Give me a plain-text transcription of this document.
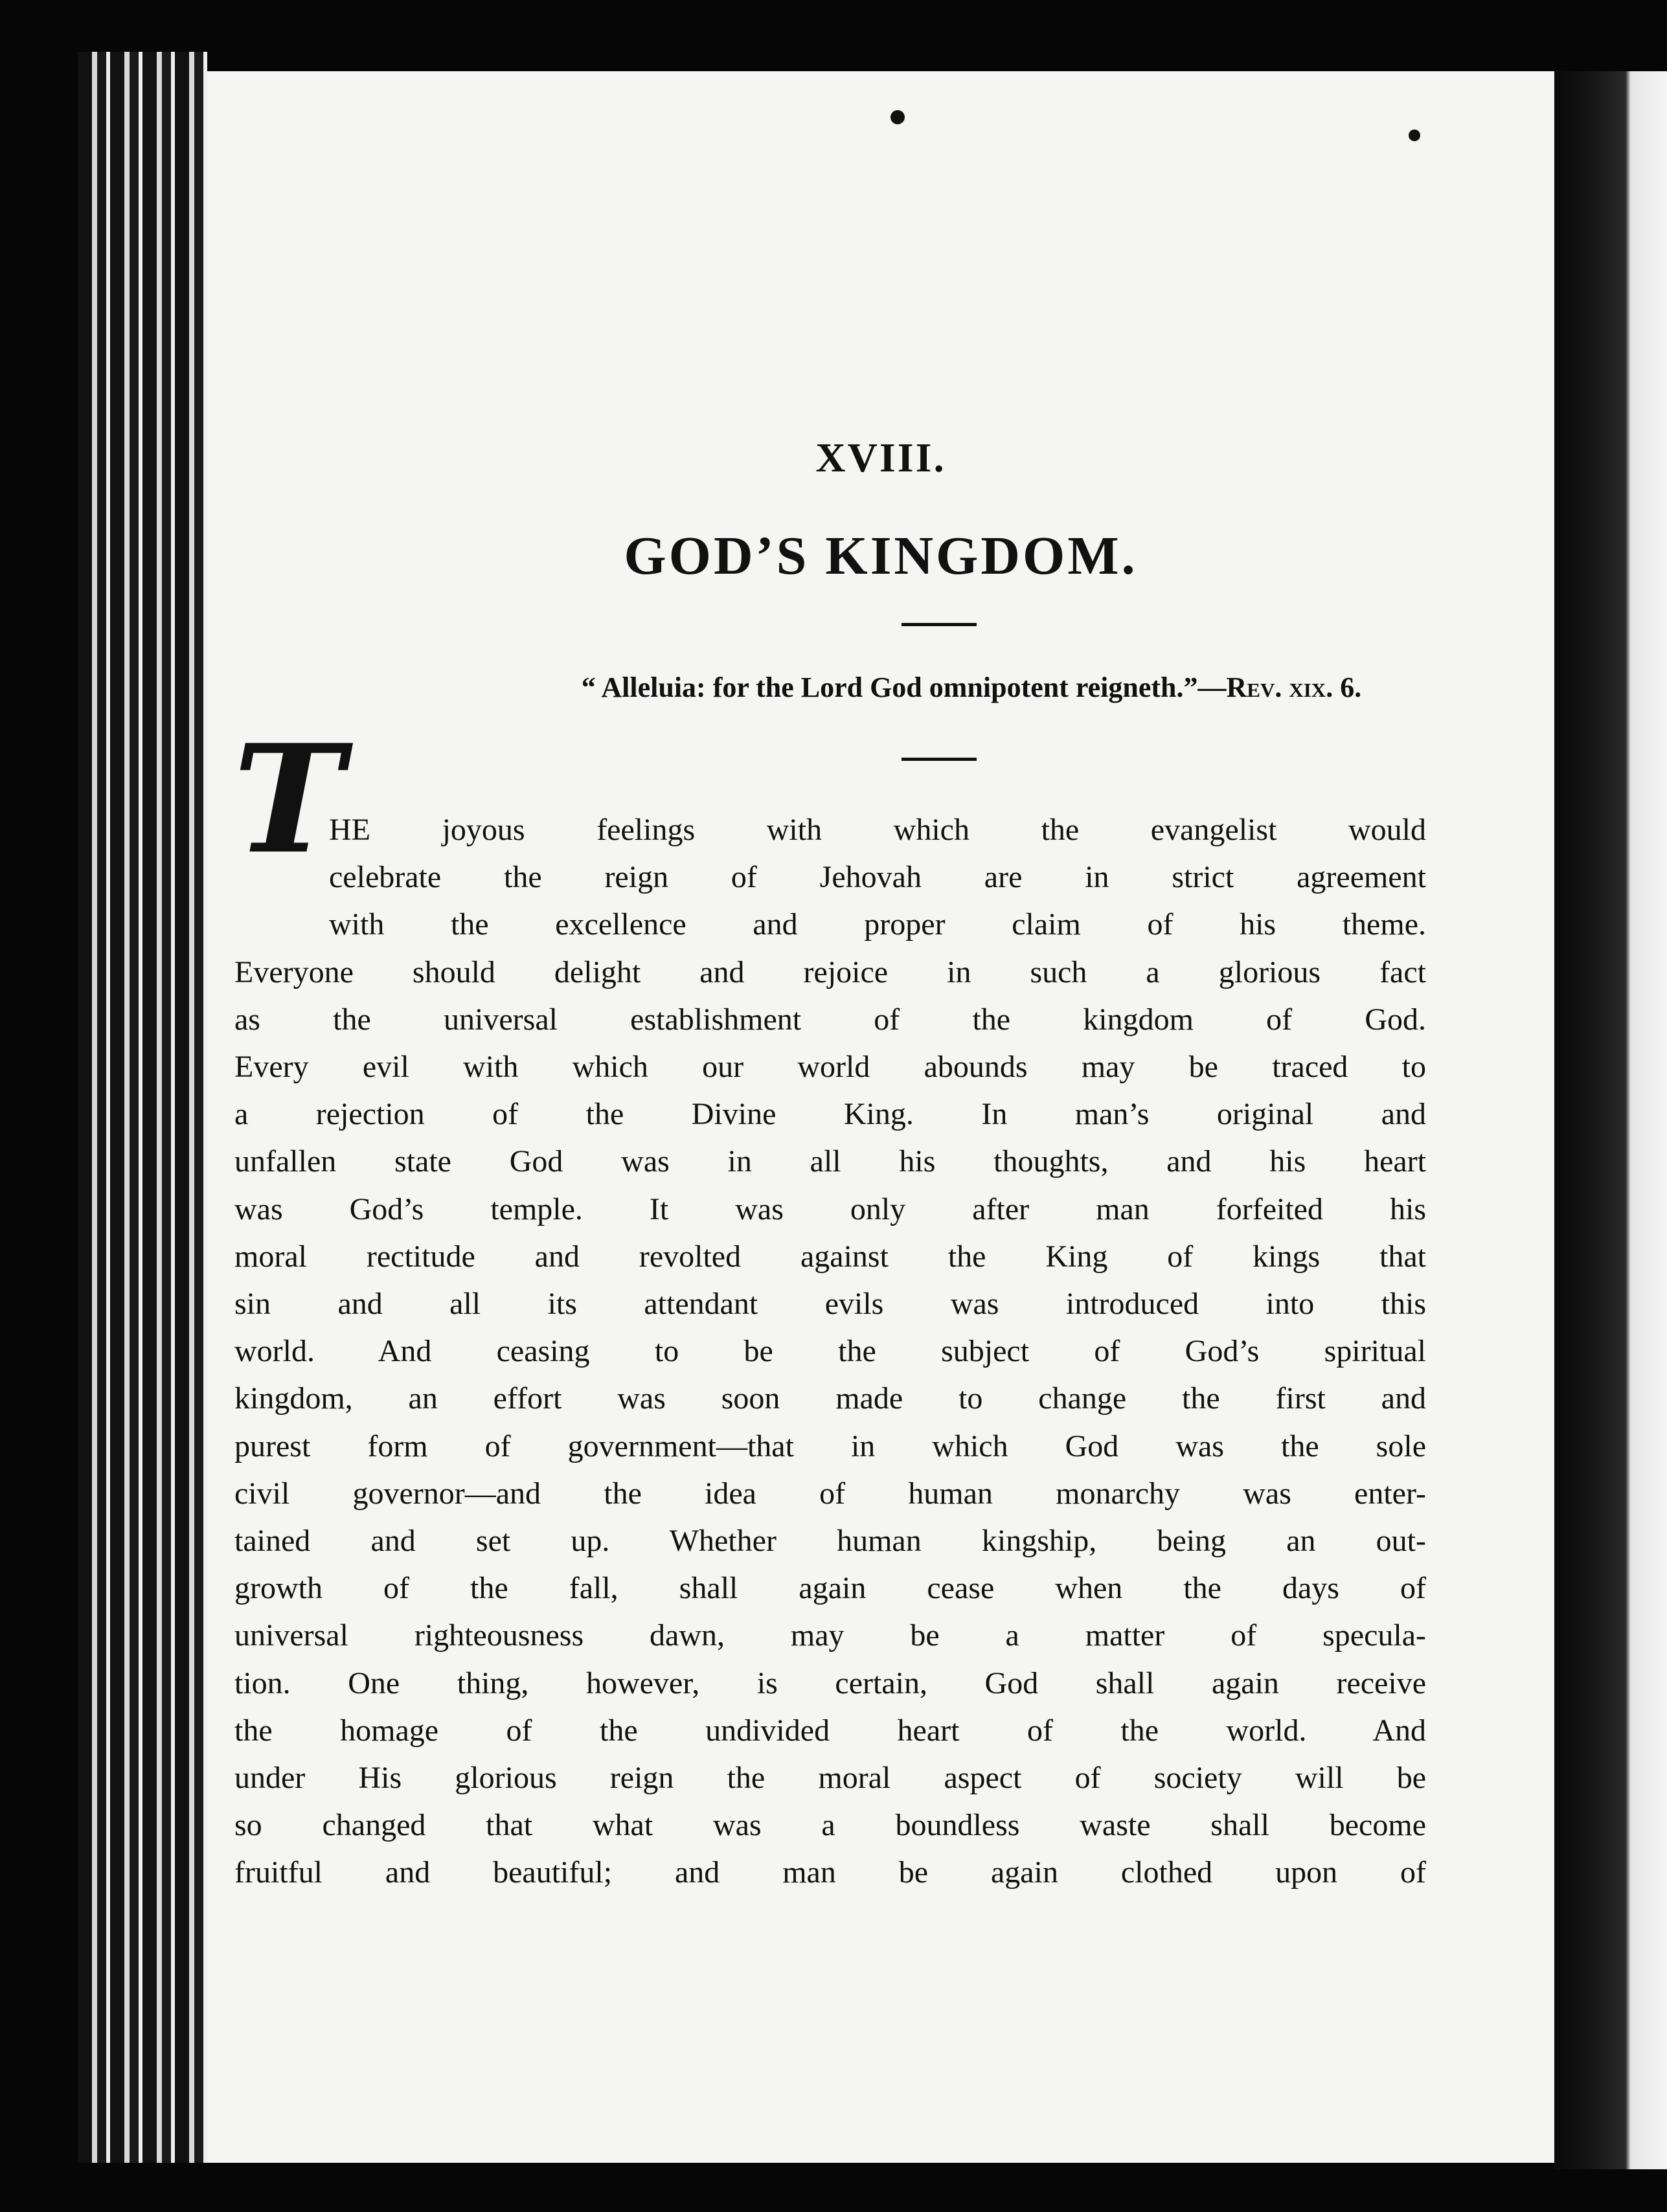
XVIII.
GOD’S KINGDOM.
“ Alleluia: for the Lord God omnipotent reigneth.”—Rev. xix. 6.
T
HE joyous feelings with which the evangelist would
celebrate the reign of Jehovah are in strict agreement
with the excellence and proper claim of his theme.
Everyone should delight and rejoice in such a glorious fact
as the universal establishment of the kingdom of God.
Every evil with which our world abounds may be traced to
a rejection of the Divine King. In man’s original and
unfallen state God was in all his thoughts, and his heart
was God’s temple. It was only after man forfeited his
moral rectitude and revolted against the King of kings that
sin and all its attendant evils was introduced into this
world. And ceasing to be the subject of God’s spiritual
kingdom, an effort was soon made to change the first and
purest form of government—that in which God was the sole
civil governor—and the idea of human monarchy was enter-
tained and set up. Whether human kingship, being an out-
growth of the fall, shall again cease when the days of
universal righteousness dawn, may be a matter of specula-
tion. One thing, however, is certain, God shall again receive
the homage of the undivided heart of the world. And
under His glorious reign the moral aspect of society will be
so changed that what was a boundless waste shall become
fruitful and beautiful; and man be again clothed upon of
